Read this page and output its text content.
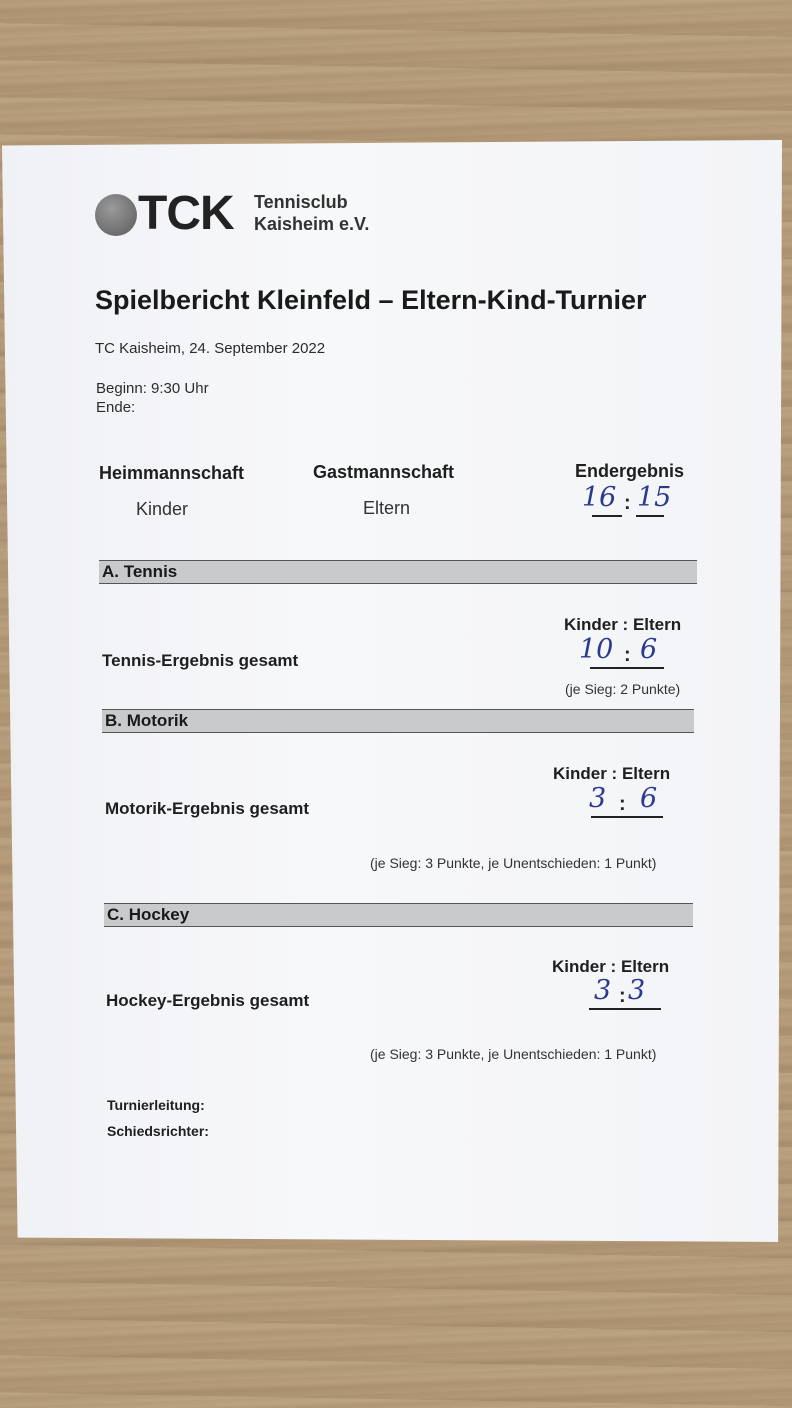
TCK Tennisclub
Kaisheim e.V.
Spielbericht Kleinfeld – Eltern-Kind-Turnier
TC Kaisheim, 24. September 2022
Beginn: 9:30 Uhr
Ende:
Heimmannschaft	Gastmannschaft	Endergebnis
Kinder	Eltern	16 : 15
A. Tennis
Kinder : Eltern
Tennis-Ergebnis gesamt	10 : 6
(je Sieg: 2 Punkte)
B. Motorik
Kinder : Eltern
Motorik-Ergebnis gesamt	3 : 6
(je Sieg: 3 Punkte, je Unentschieden: 1 Punkt)
C. Hockey
Kinder : Eltern
Hockey-Ergebnis gesamt	3 : 3
(je Sieg: 3 Punkte, je Unentschieden: 1 Punkt)
Turnierleitung:
Schiedsrichter:
